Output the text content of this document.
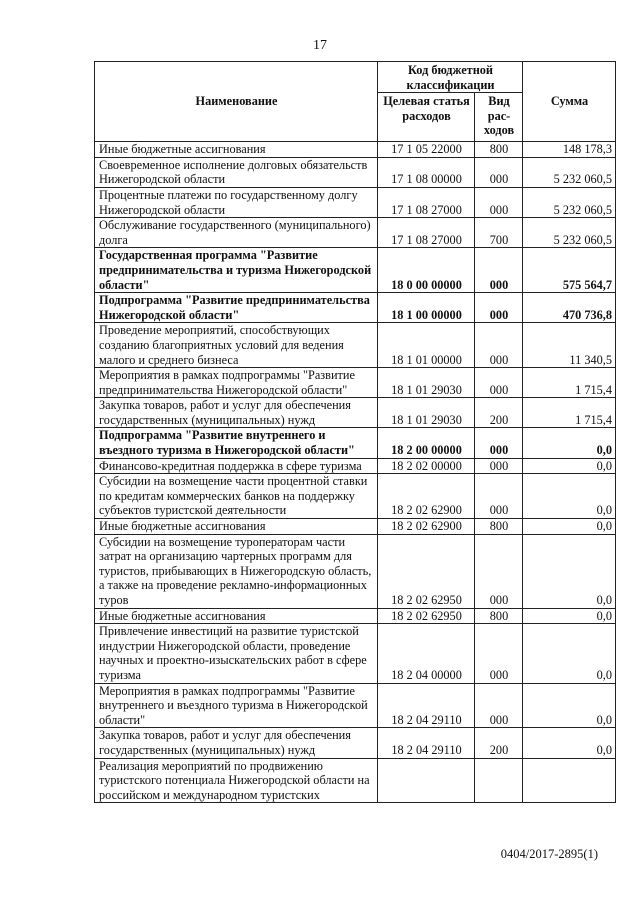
17
Наименование	Код бюджетной классификации		Сумма
	Целевая статья расходов	Вид рас-ходов	
Иные бюджетные ассигнования	17 1 05 22000	800	148 178,3
Своевременное исполнение долговых обязательств Нижегородской области	17 1 08 00000	000	5 232 060,5
Процентные платежи по государственному долгу Нижегородской области	17 1 08 27000	000	5 232 060,5
Обслуживание государственного (муниципального) долга	17 1 08 27000	700	5 232 060,5
Государственная программа "Развитие предпринимательства и туризма Нижегородской области"	18 0 00 00000	000	575 564,7
Подпрограмма "Развитие предпринимательства Нижегородской области"	18 1 00 00000	000	470 736,8
Проведение мероприятий, способствующих созданию благоприятных условий для ведения малого и среднего бизнеса	18 1 01 00000	000	11 340,5
Мероприятия в рамках подпрограммы "Развитие предпринимательства Нижегородской области"	18 1 01 29030	000	1 715,4
Закупка товаров, работ и услуг для обеспечения государственных (муниципальных) нужд	18 1 01 29030	200	1 715,4
Подпрограмма "Развитие внутреннего и въездного туризма в Нижегородской области"	18 2 00 00000	000	0,0
Финансово-кредитная поддержка в сфере туризма	18 2 02 00000	000	0,0
Субсидии на возмещение части процентной ставки по кредитам коммерческих банков на поддержку субъектов туристской деятельности	18 2 02 62900	000	0,0
Иные бюджетные ассигнования	18 2 02 62900	800	0,0
Субсидии на возмещение туроператорам части затрат на организацию чартерных программ для туристов, прибывающих в Нижегородскую область, а также на проведение рекламно-информационных туров	18 2 02 62950	000	0,0
Иные бюджетные ассигнования	18 2 02 62950	800	0,0
Привлечение инвестиций на развитие туристской индустрии Нижегородской области, проведение научных и проектно-изыскательских работ в сфере туризма	18 2 04 00000	000	0,0
Мероприятия в рамках подпрограммы "Развитие внутреннего и въездного туризма в Нижегородской области"	18 2 04 29110	000	0,0
Закупка товаров, работ и услуг для обеспечения государственных (муниципальных) нужд	18 2 04 29110	200	0,0
Реализация мероприятий по продвижению туристского потенциала Нижегородской области на российском и международном туристских			
0404/2017-2895(1)
